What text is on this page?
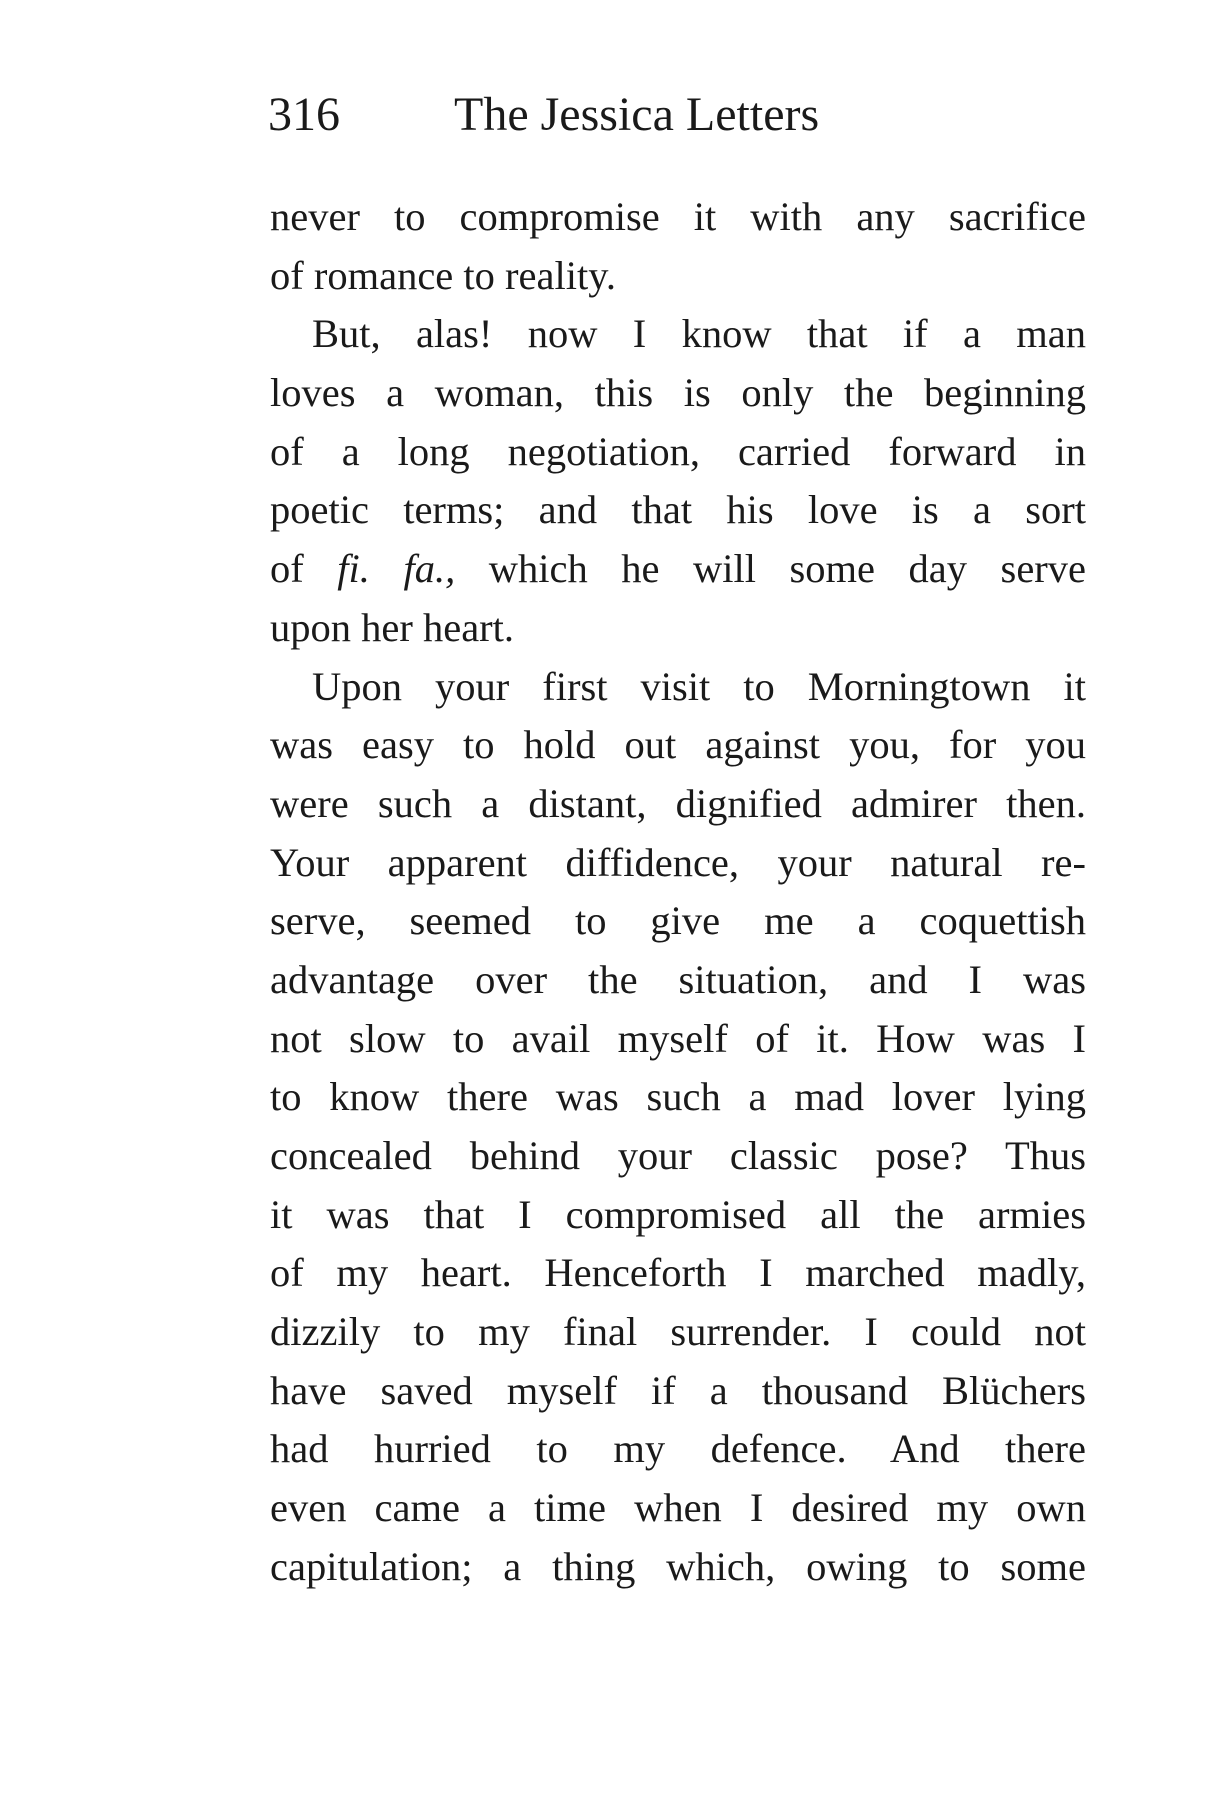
316 The Jessica Letters
never to compromise it with any sacrifice
of romance to reality.
But, alas! now I know that if a man
loves a woman, this is only the beginning
of a long negotiation, carried forward in
poetic terms; and that his love is a sort
of fi. fa., which he will some day serve
upon her heart.
Upon your first visit to Morningtown it
was easy to hold out against you, for you
were such a distant, dignified admirer then.
Your apparent diffidence, your natural re-
serve, seemed to give me a coquettish
advantage over the situation, and I was
not slow to avail myself of it. How was I
to know there was such a mad lover lying
concealed behind your classic pose? Thus
it was that I compromised all the armies
of my heart. Henceforth I marched madly,
dizzily to my final surrender. I could not
have saved myself if a thousand Blüchers
had hurried to my defence. And there
even came a time when I desired my own
capitulation; a thing which, owing to some
